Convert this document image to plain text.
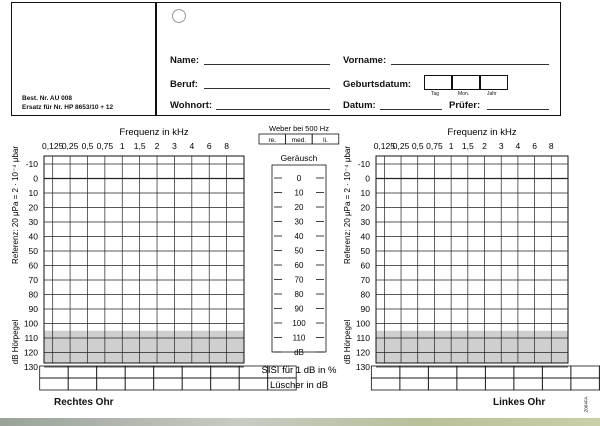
Best. Nr. AU 008
Ersatz für Nr. HP 8653/10 + 12
Name:	Vorname:
Beruf:	Geburtsdatum:
Tag	Mon.	Jahr
Wohnort:	Datum:	Prüfer:
0,125
0,25 0,5 0,75 1 1,5 2 3 4 6 8
-10
0
10
20
30
40
50
60
70
80
90
100
110
120
130
Frequenz in kHz
Referenz: 20 μPa = 2 · 10⁻⁴ μbar
dB Hörpegel
0,125
0,25 0,5 0,75 1 1,5 2 3 4 6 8
-10
0
10
20
30
40
50
60
70
80
90
100
110
120
130
Frequenz in kHz
Referenz: 20 μPa = 2 · 10⁻⁴ μbar
dB Hörpegel
Weber bei 500 Hz
re. med.	li.
Geräusch
0
10
20
30
40
50
60
70
80
90
100
110
dB
SISI für 1 dB in %
Lüscher in dB
Rechtes Ohr	Linkes Ohr	Z064FA
